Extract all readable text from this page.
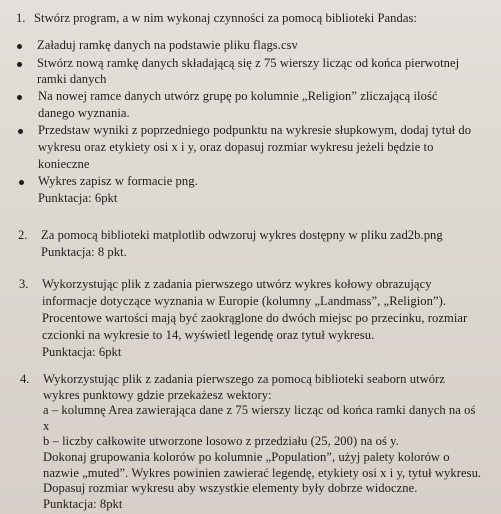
1. Stwórz program, a w nim wykonaj czynności za pomocą biblioteki Pandas:
Załaduj ramkę danych na podstawie pliku flags.csv
Stwórz nową ramkę danych składającą się z 75 wierszy licząc od końca pierwotnej
ramki danych
Na nowej ramce danych utwórz grupę po kolumnie „Religion” zliczającą ilość
danego wyznania.
Przedstaw wyniki z poprzedniego podpunktu na wykresie słupkowym, dodaj tytuł do
wykresu oraz etykiety osi x i y, oraz dopasuj rozmiar wykresu jeżeli będzie to
konieczne
Wykres zapisz w formacie png.
Punktacja: 6pkt
2. Za pomocą biblioteki matplotlib odwzoruj wykres dostępny w pliku zad2b.png
Punktacja: 8 pkt.
3. Wykorzystując plik z zadania pierwszego utwórz wykres kołowy obrazujący
informacje dotyczące wyznania w Europie (kolumny „Landmass”, „Religion”).
Procentowe wartości mają być zaokrąglone do dwóch miejsc po przecinku, rozmiar
czcionki na wykresie to 14, wyświetl legendę oraz tytuł wykresu.
Punktacja: 6pkt
4. Wykorzystując plik z zadania pierwszego za pomocą biblioteki seaborn utwórz
wykres punktowy gdzie przekażesz wektory:
a – kolumnę Area zawierająca dane z 75 wierszy licząc od końca ramki danych na oś
x
b – liczby całkowite utworzone losowo z przedziału (25, 200) na oś y.
Dokonaj grupowania kolorów po kolumnie „Population”, użyj palety kolorów o
nazwie „muted”. Wykres powinien zawierać legendę, etykiety osi x i y, tytuł wykresu.
Dopasuj rozmiar wykresu aby wszystkie elementy były dobrze widoczne.
Punktacja: 8pkt
